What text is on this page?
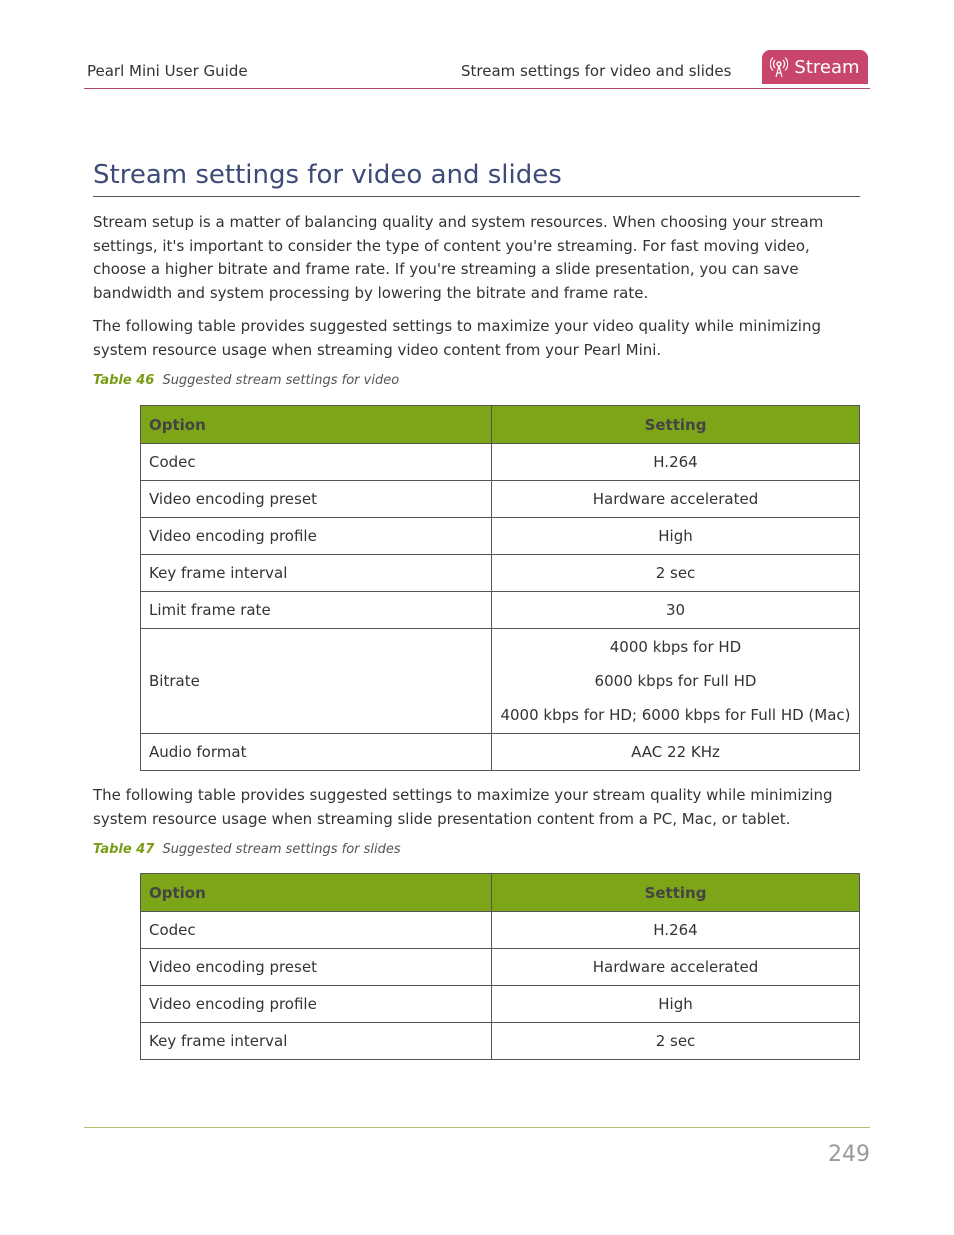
Pearl Mini User Guide	Stream settings for video and slides	Stream
Stream settings for video and slides

Stream setup is a matter of balancing quality and system resources. When choosing your stream settings, it's important to consider the type of content you're streaming. For fast moving video, choose a higher bitrate and frame rate. If you're streaming a slide presentation, you can save bandwidth and system processing by lowering the bitrate and frame rate.

The following table provides suggested settings to maximize your video quality while minimizing system resource usage when streaming video content from your Pearl Mini.

Table 46 Suggested stream settings for video
Option	Setting
Codec	H.264
Video encoding preset	Hardware accelerated
Video encoding profile	High
Key frame interval	2 sec
Limit frame rate	30
Bitrate	4000 kbps for HD
6000 kbps for Full HD
4000 kbps for HD; 6000 kbps for Full HD (Mac)

Audio format	AAC 22 KHz

The following table provides suggested settings to maximize your stream quality while minimizing system resource usage when streaming slide presentation content from a PC, Mac, or tablet.

Table 47 Suggested stream settings for slides
Option	Setting
Codec	H.264
Video encoding preset	Hardware accelerated
Video encoding profile	High
Key frame interval	2 sec
249
